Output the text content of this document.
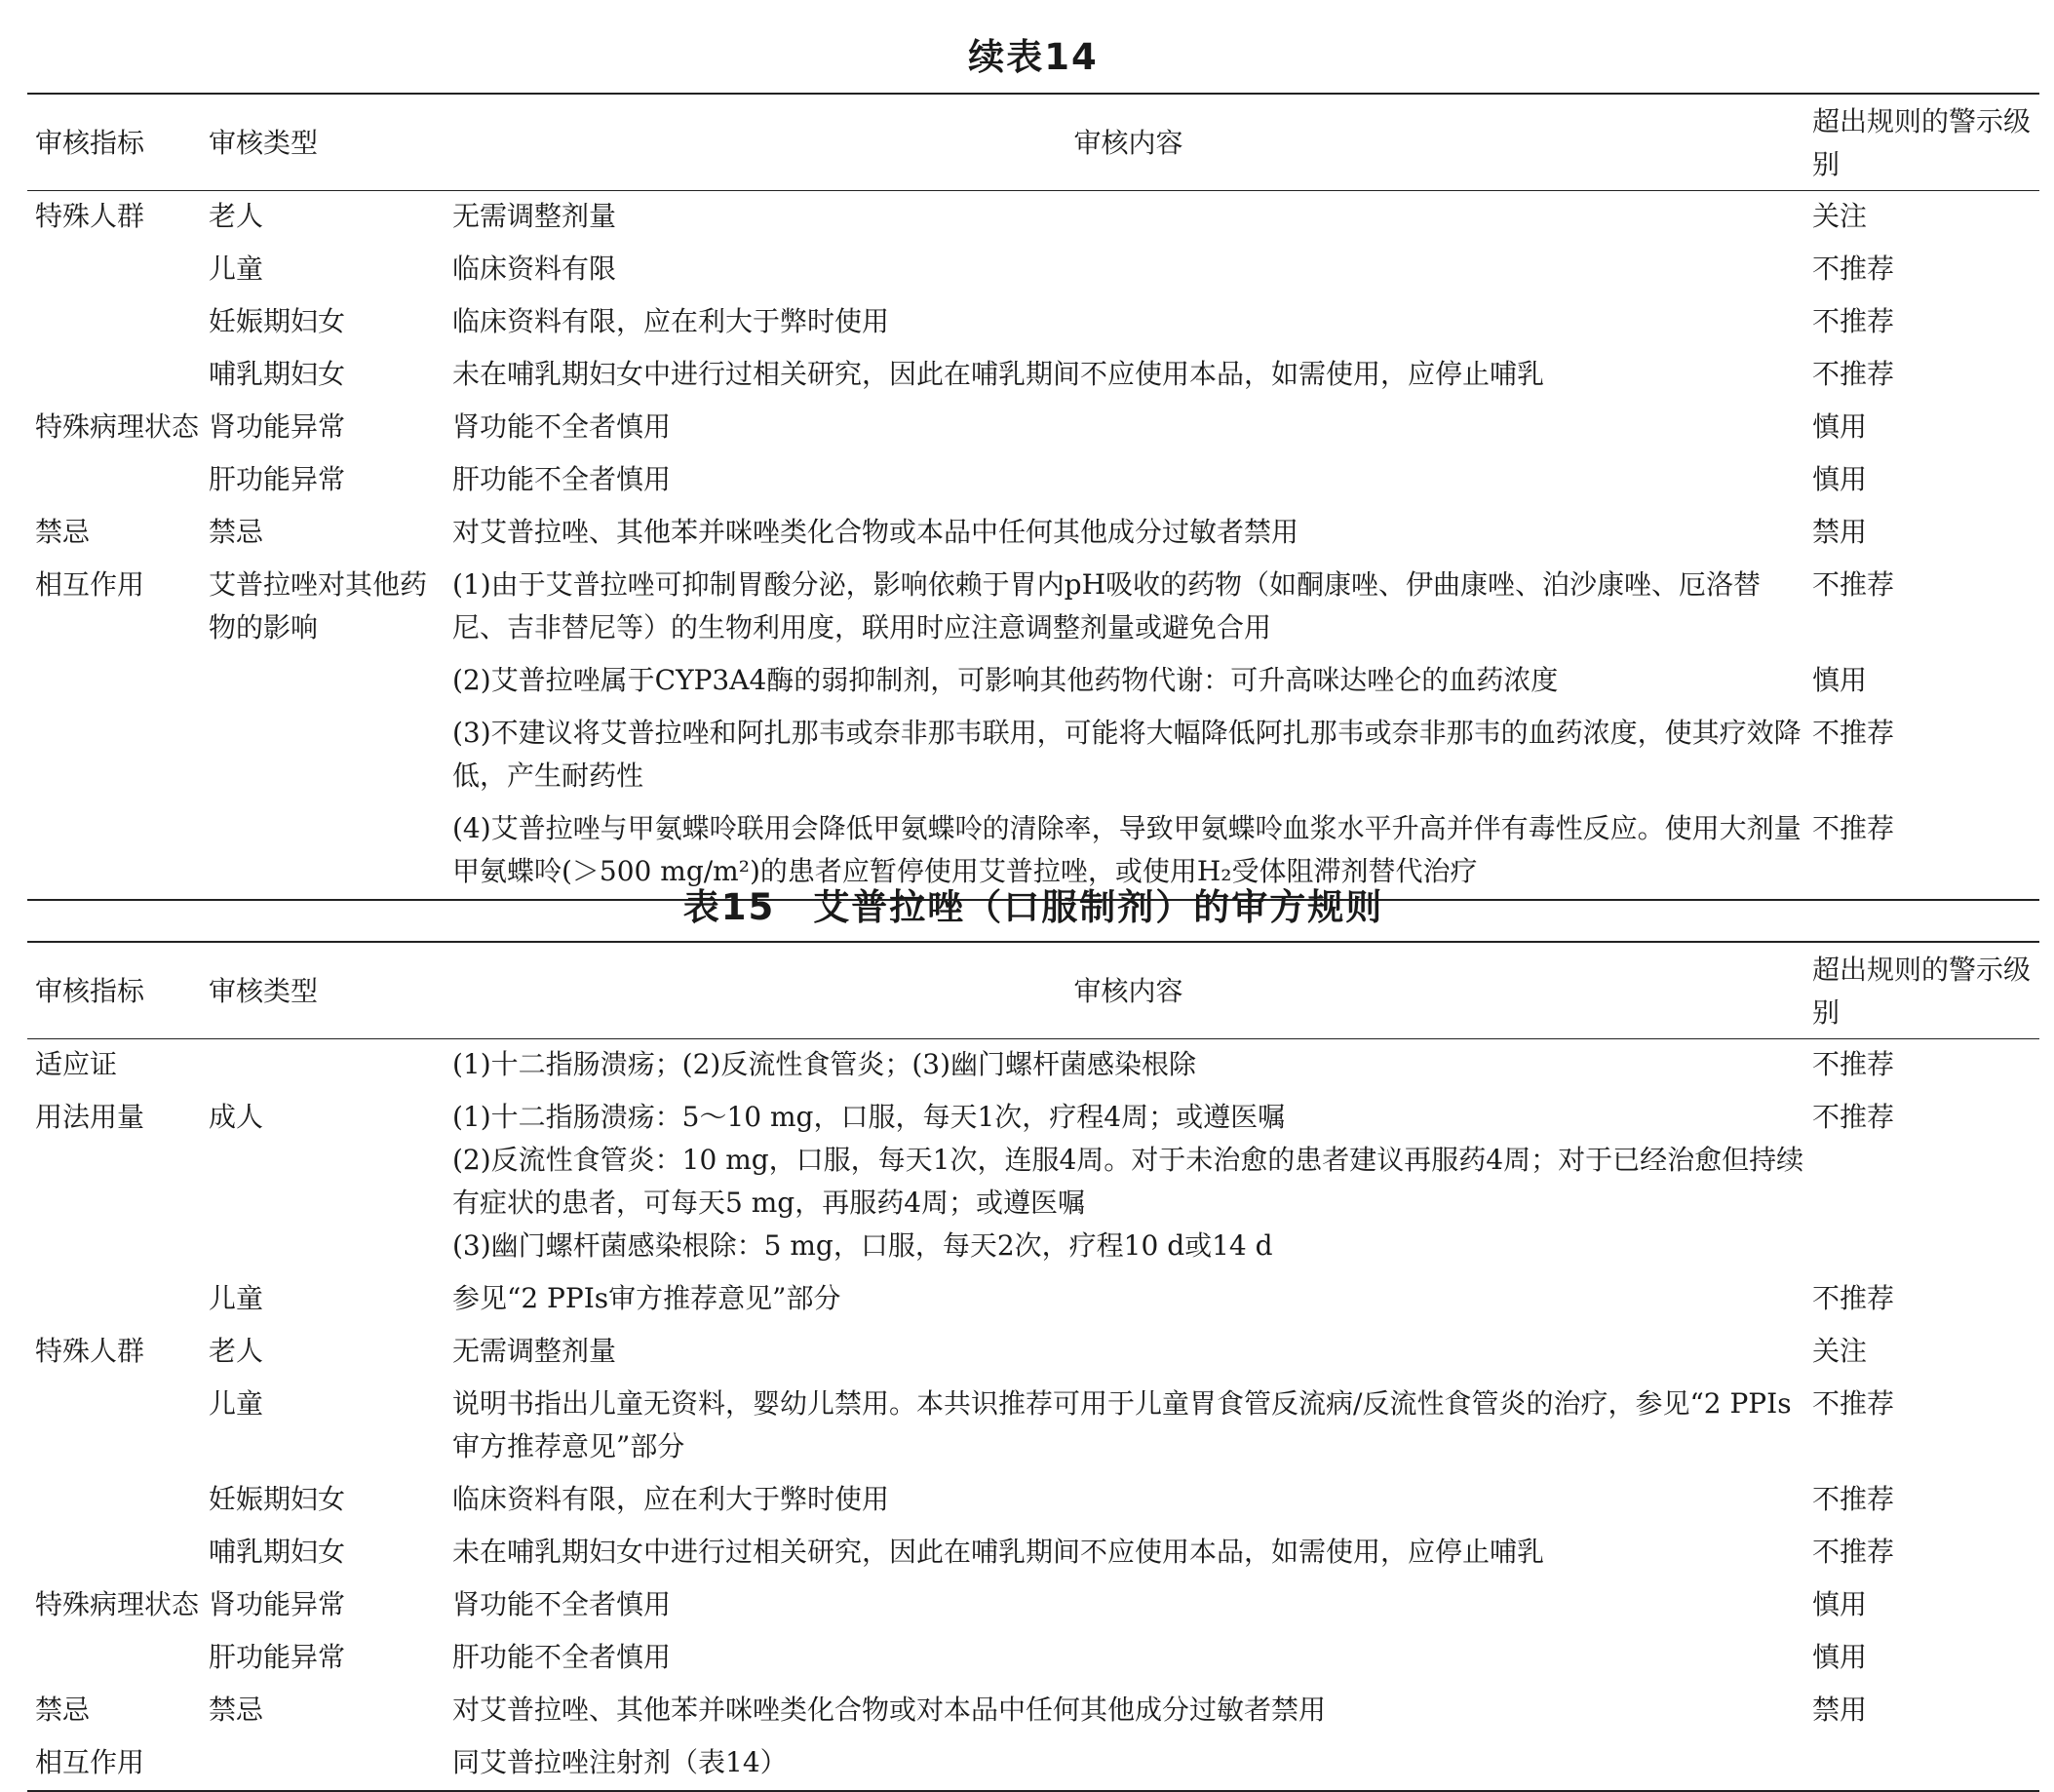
续表14
审核指标	审核类型	审核内容	超出规则的警示级别
特殊人群	老人	无需调整剂量	关注
	儿童	临床资料有限	不推荐
	妊娠期妇女	临床资料有限，应在利大于弊时使用	不推荐
	哺乳期妇女	未在哺乳期妇女中进行过相关研究，因此在哺乳期间不应使用本品，如需使用，应停止哺乳	不推荐
特殊病理状态	肾功能异常	肾功能不全者慎用	慎用
	肝功能异常	肝功能不全者慎用	慎用
禁忌	禁忌	对艾普拉唑、其他苯并咪唑类化合物或本品中任何其他成分过敏者禁用	禁用
相互作用	艾普拉唑对其他药物的影响	(1)由于艾普拉唑可抑制胃酸分泌，影响依赖于胃内pH吸收的药物（如酮康唑、伊曲康唑、泊沙康唑、厄洛替尼、吉非替尼等）的生物利用度，联用时应注意调整剂量或避免合用	不推荐

		(2)艾普拉唑属于CYP3A4酶的弱抑制剂，可影响其他药物代谢：可升高咪达唑仑的血药浓度	慎用

		(3)不建议将艾普拉唑和阿扎那韦或奈非那韦联用，可能将大幅降低阿扎那韦或奈非那韦的血药浓度，使其疗效降低，产生耐药性	不推荐

		(4)艾普拉唑与甲氨蝶呤联用会降低甲氨蝶呤的清除率，导致甲氨蝶呤血浆水平升高并伴有毒性反应。使用大剂量甲氨蝶呤(＞500 mg/m²)的患者应暂停使用艾普拉唑，或使用H₂受体阻滞剂替代治疗	不推荐
表15　艾普拉唑（口服制剂）的审方规则
审核指标	审核类型	审核内容	超出规则的警示级别
适应证		(1)十二指肠溃疡；(2)反流性食管炎；(3)幽门螺杆菌感染根除	不推荐
用法用量	成人	(1)十二指肠溃疡：5～10 mg，口服，每天1次，疗程4周；或遵医嘱
(2)反流性食管炎：10 mg，口服，每天1次，连服4周。对于未治愈的患者建议再服药4周；对于已经治愈但持续有症状的患者，可每天5 mg，再服药4周；或遵医嘱
(3)幽门螺杆菌感染根除：5 mg，口服，每天2次，疗程10 d或14 d	不推荐
	儿童	参见“2 PPIs审方推荐意见”部分	不推荐
特殊人群	老人	无需调整剂量	关注
	儿童	说明书指出儿童无资料，婴幼儿禁用。本共识推荐可用于儿童胃食管反流病/反流性食管炎的治疗，参见“2 PPIs审方推荐意见”部分	不推荐
	妊娠期妇女	临床资料有限，应在利大于弊时使用	不推荐
	哺乳期妇女	未在哺乳期妇女中进行过相关研究，因此在哺乳期间不应使用本品，如需使用，应停止哺乳	不推荐
特殊病理状态	肾功能异常	肾功能不全者慎用	慎用
	肝功能异常	肝功能不全者慎用	慎用
禁忌	禁忌	对艾普拉唑、其他苯并咪唑类化合物或对本品中任何其他成分过敏者禁用	禁用
相互作用		同艾普拉唑注射剂（表14）	
